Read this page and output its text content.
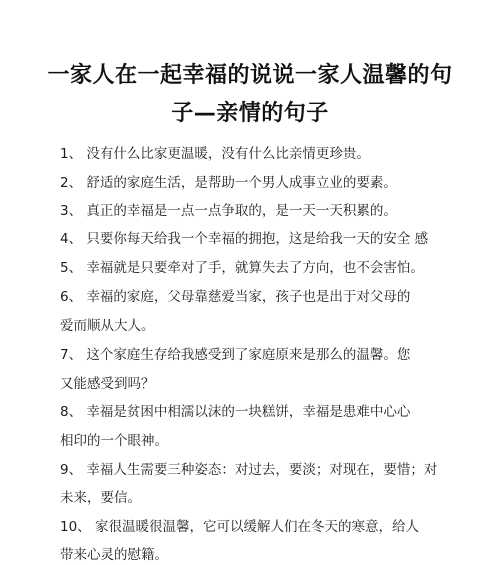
一家人在一起幸福的说说一家人温馨的句
子—亲情的句子
1、 没有什么比家更温暖，没有什么比亲情更珍贵。
2、 舒适的家庭生活，是帮助一个男人成事立业的要素。
3、 真正的幸福是一点一点争取的，是一天一天积累的。
4、 只要你每天给我一个幸福的拥抱，这是给我一天的安全 感
5、 幸福就是只要牵对了手，就算失去了方向，也不会害怕。
6、 幸福的家庭，父母靠慈爱当家，孩子也是出于对父母的
爱而顺从大人。
7、 这个家庭生存给我感受到了家庭原来是那么的温馨。您
又能感受到吗？
8、 幸福是贫困中相濡以沫的一块糕饼，幸福是患难中心心
相印的一个眼神。
9、 幸福人生需要三种姿态：对过去，要淡；对现在，要惜；对
未来，要信。
10、 家很温暖很温馨，它可以缓解人们在冬天的寒意，给人
带来心灵的慰籍。
